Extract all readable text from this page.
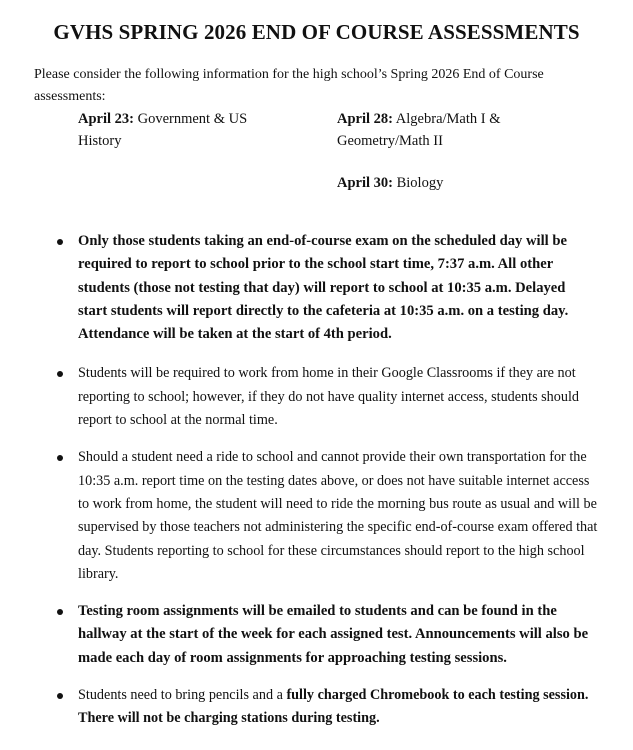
GVHS SPRING 2026 END OF COURSE ASSESSMENTS
Please consider the following information for the high school’s Spring 2026 End of Course assessments:

April 23: Government & US History

April 28: Algebra/Math I & Geometry/Math II

April 30: Biology

Only those students taking an end-of-course exam on the scheduled day will be required to report to school prior to the school start time, 7:37 a.m. All other students (those not testing that day) will report to school at 10:35 a.m. Delayed start students will report directly to the cafeteria at 10:35 a.m. on a testing day. Attendance will be taken at the start of 4th period.
Students will be required to work from home in their Google Classrooms if they are not reporting to school; however, if they do not have quality internet access, students should report to school at the normal time.
Should a student need a ride to school and cannot provide their own transportation for the 10:35 a.m. report time on the testing dates above, or does not have suitable internet access to work from home, the student will need to ride the morning bus route as usual and will be supervised by those teachers not administering the specific end-of-course exam offered that day. Students reporting to school for these circumstances should report to the high school library.
Testing room assignments will be emailed to students and can be found in the hallway at the start of the week for each assigned test. Announcements will also be made each day of room assignments for approaching testing sessions.
Students need to bring pencils and a fully charged Chromebook to each testing session. There will not be charging stations during testing.
